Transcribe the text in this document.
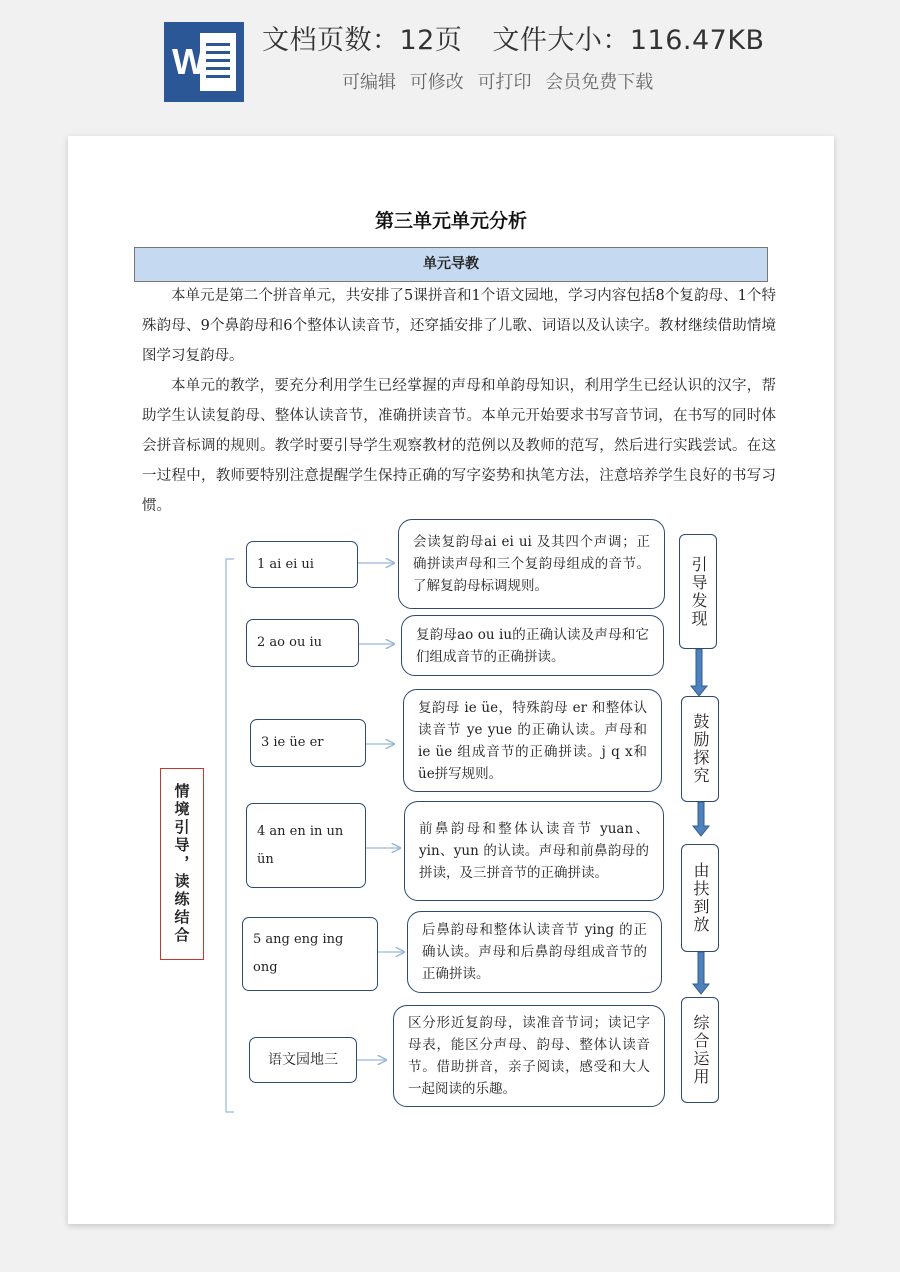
W
文档页数：12页 文件大小：116.47KB
可编辑 可修改 可打印 会员免费下载
第三单元单元分析
单元导教
本单元是第二个拼音单元，共安排了5课拼音和1个语文园地，学习内容包括8个复韵母、1个特殊韵母、9个鼻韵母和6个整体认读音节，还穿插安排了儿歌、词语以及认读字。教材继续借助情境图学习复韵母。
本单元的教学，要充分利用学生已经掌握的声母和单韵母知识，利用学生已经认识的汉字，帮助学生认读复韵母、整体认读音节，准确拼读音节。本单元开始要求书写音节词，在书写的同时体会拼音标调的规则。教学时要引导学生观察教材的范例以及教师的范写，然后进行实践尝试。在这一过程中，教师要特别注意提醒学生保持正确的写字姿势和执笔方法，注意培养学生良好的书写习惯。
情境引导，读练结合
1 ai ei ui
2 ao ou iu
3 ie üe er
4 an en in un ün
5 ang eng ing ong
语文园地三
会读复韵母ai ei ui 及其四个声调；正确拼读声母和三个复韵母组成的音节。了解复韵母标调规则。
复韵母ao ou iu的正确认读及声母和它们组成音节的正确拼读。
复韵母 ie üe，特殊韵母 er 和整体认读音节 ye yue 的正确认读。声母和 ie üe 组成音节的正确拼读。j q x和üe拼写规则。
前鼻韵母和整体认读音节 yuan、yin、yun 的认读。声母和前鼻韵母的拼读，及三拼音节的正确拼读。
后鼻韵母和整体认读音节 ying 的正确认读。声母和后鼻韵母组成音节的正确拼读。
区分形近复韵母，读准音节词；读记字母表，能区分声母、韵母、整体认读音节。借助拼音，亲子阅读，感受和大人一起阅读的乐趣。
引导发现
鼓励探究
由扶到放
综合运用
